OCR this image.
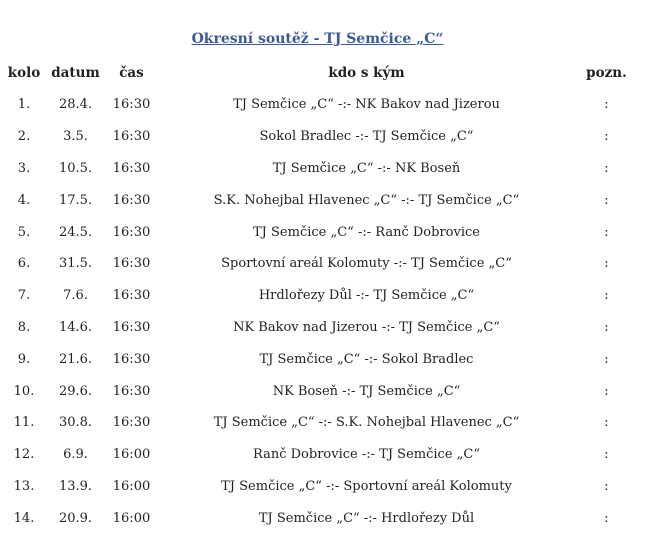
Okresní soutěž - TJ Semčice „C“
kolo	datum	čas	kdo s kým	pozn.
1.	28.4.	16:30	TJ Semčice „C“ -:- NK Bakov nad Jizerou	:
2.	3.5.	16:30	Sokol Bradlec -:- TJ Semčice „C“	:
3.	10.5.	16:30	TJ Semčice „C“ -:- NK Boseň	:
4.	17.5.	16:30	S.K. Nohejbal Hlavenec „C“ -:- TJ Semčice „C“	:
5.	24.5.	16:30	TJ Semčice „C“ -:- Ranč Dobrovice	:
6.	31.5.	16:30	Sportovní areál Kolomuty -:- TJ Semčice „C“	:
7.	7.6.	16:30	Hrdlořezy Důl -:- TJ Semčice „C“	:
8.	14.6.	16:30	NK Bakov nad Jizerou -:- TJ Semčice „C“	:
9.	21.6.	16:30	TJ Semčice „C“ -:- Sokol Bradlec	:
10.	29.6.	16:30	NK Boseň -:- TJ Semčice „C“	:
11.	30.8.	16:30	TJ Semčice „C“ -:- S.K. Nohejbal Hlavenec „C“	:
12.	6.9.	16:00	Ranč Dobrovice -:- TJ Semčice „C“	:
13.	13.9.	16:00	TJ Semčice „C“ -:- Sportovní areál Kolomuty	:
14.	20.9.	16:00	TJ Semčice „C“ -:- Hrdlořezy Důl	:
